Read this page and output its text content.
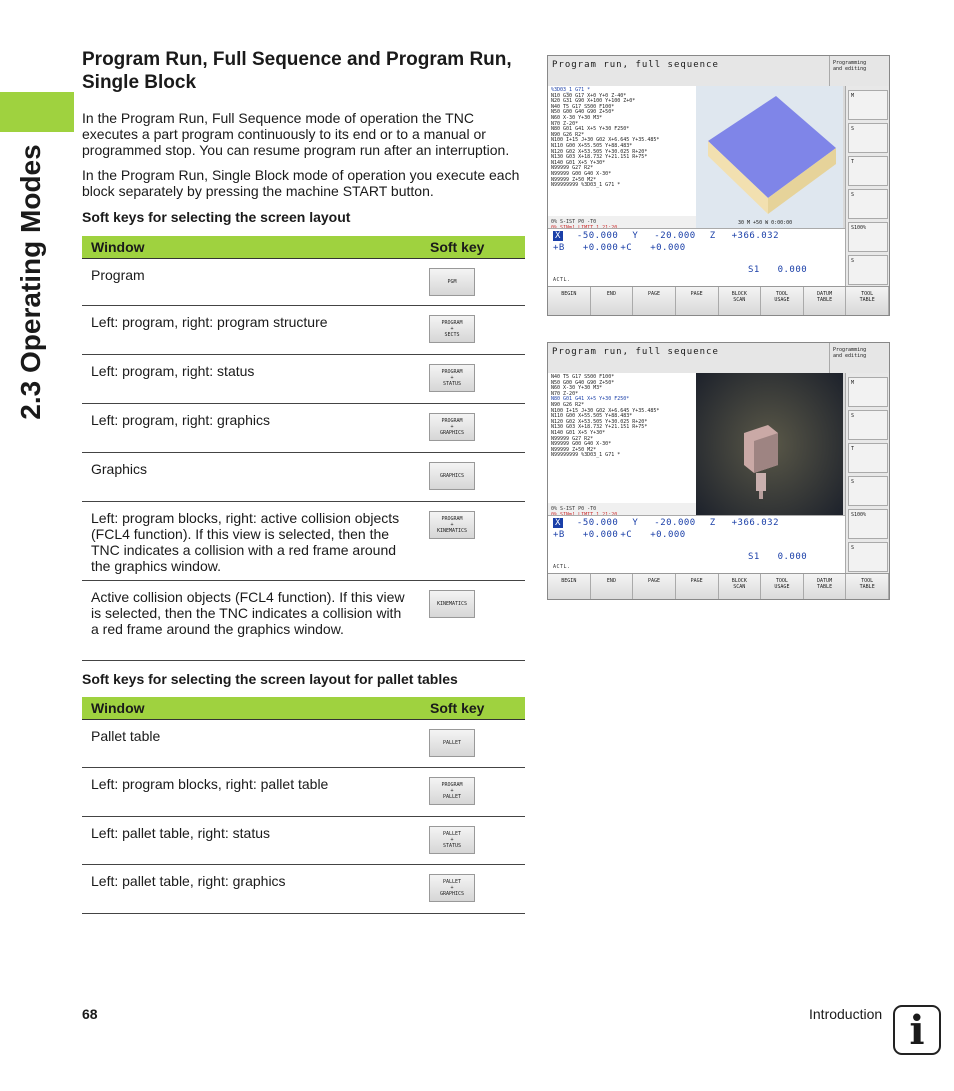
2.3 Operating Modes
Program Run, Full Sequence and Program Run, Single Block

In the Program Run, Full Sequence mode of operation the TNC executes a part program continuously to its end or to a manual or programmed stop. You can resume program run after an interruption.

In the Program Run, Single Block mode of operation you execute each block separately by pressing the machine START button.

Soft keys for selecting the screen layout

Window	Soft key
Program	PGM

Left: program, right: program structure	PROGRAM
+
SECTS

Left: program, right: status	PROGRAM
+
STATUS

Left: program, right: graphics	PROGRAM
+
GRAPHICS

Graphics	GRAPHICS

Left: program blocks, right: active collision objects (FCL4 function). If this view is selected, then the TNC indicates a collision with a red frame around the graphics window.	PROGRAM
+
KINEMATICS

Active collision objects (FCL4 function). If this view is selected, then the TNC indicates a collision with a red frame around the graphics window.	KINEMATICS

Soft keys for selecting the screen layout for pallet tables

Window	Soft key
Pallet table	PALLET

Left: program blocks, right: pallet table	PROGRAM
+
PALLET

Left: pallet table, right: status	PALLET
+
STATUS

Left: pallet table, right: graphics	PALLET
+
GRAPHICS
Program run, full sequence	Programming
and editing
%3D03_1 G71 *
N10 G30 G17 X+0 Y+0 Z-40*
N20 G31 G90 X+100 Y+100 Z+0*
N40 T5 G17 S500 F100*
N50 G00 G40 G90 Z+50*
N60 X-30 Y+30 M3*
N70 Z-20*
N80 G01 G41 X+5 Y+30 F250*
N90 G26 R2*
N100 I+15 J+30 G02 X+6.645 Y+35.485*
N110 G00 X+55.505 Y+88.483*
N120 G02 X+53.505 Y+30.025 R+20*
N130 G03 X+18.732 Y+21.151 R+75*
N140 G01 X+5 Y+30*
N99999 G27 R2*
N99999 G00 G40 X-30*
N99999 Z+50 M2*
N99999999 %3D03_1 G71 *
0% S-IST P0 -T0	30 M +50 W 0:00:00
X -50.000 Y -20.000 Z +366.032
+B +0.000 +C +0.000
S1   0.000
ACTL.
M
S
T
S
S100%
S
BEGIN	END	PAGE	PAGE	BLOCK
SCAN
TOOL
USAGE
DATUM
TABLE
TOOL
TABLE
Program run, full sequence	Programming
and editing
N40 T5 G17 S500 F100*
N50 G00 G40 G90 Z+50*
N60 X-30 Y+30 M3*
N70 Z-20*
N80 G01 G41 X+5 Y+30 F250*
N90 G26 R2*
N100 I+15 J+30 G02 X+6.645 Y+35.485*
N110 G00 X+55.505 Y+88.483*
N120 G02 X+53.505 Y+30.025 R+20*
N130 G03 X+18.732 Y+21.151 R+75*
N140 G01 X+5 Y+30*
N99999 G27 R2*
N99999 G00 G40 X-30*
N99999 Z+50 M2*
N99999999 %3D03_1 G71 *
0% S-IST P0 -T0
X -50.000 Y -20.000 Z +366.032
+B +0.000 +C +0.000
S1   0.000
ACTL.
M
S
T
S
S100%
S
BEGIN	END	PAGE	PAGE	BLOCK
SCAN
TOOL
USAGE
DATUM
TABLE
TOOL
TABLE
68	Introduction i
